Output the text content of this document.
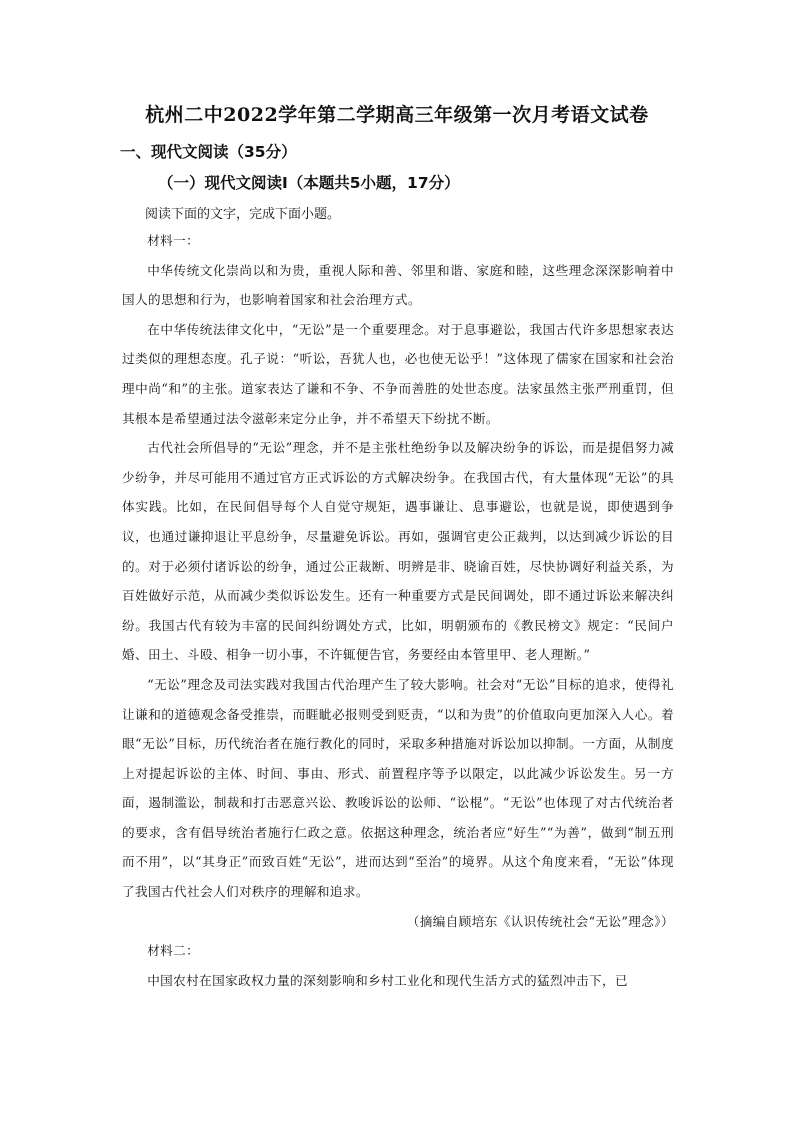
杭州二中2022学年第二学期高三年级第一次月考语文试卷
一、现代文阅读（35分）
（一）现代文阅读Ⅰ（本题共5小题，17分）

阅读下面的文字，完成下面小题。

材料一：

中华传统文化崇尚以和为贵，重视人际和善、邻里和谐、家庭和睦，这些理念深深影响着中国人的思想和行为，也影响着国家和社会治理方式。

在中华传统法律文化中，“无讼”是一个重要理念。对于息事避讼，我国古代许多思想家表达过类似的理想态度。孔子说：“听讼，吾犹人也，必也使无讼乎！”这体现了儒家在国家和社会治理中尚“和”的主张。道家表达了谦和不争、不争而善胜的处世态度。法家虽然主张严刑重罚，但其根本是希望通过法令滋彰来定分止争，并不希望天下纷扰不断。

古代社会所倡导的“无讼”理念，并不是主张杜绝纷争以及解决纷争的诉讼，而是提倡努力减少纷争，并尽可能用不通过官方正式诉讼的方式解决纷争。在我国古代，有大量体现“无讼”的具体实践。比如，在民间倡导每个人自觉守规矩，遇事谦让、息事避讼，也就是说，即使遇到争议，也通过谦抑退让平息纷争，尽量避免诉讼。再如，强调官吏公正裁判，以达到减少诉讼的目的。对于必须付诸诉讼的纷争，通过公正裁断、明辨是非、晓谕百姓，尽快协调好利益关系，为百姓做好示范，从而减少类似诉讼发生。还有一种重要方式是民间调处，即不通过诉讼来解决纠纷。我国古代有较为丰富的民间纠纷调处方式，比如，明朝颁布的《教民榜文》规定：“民间户婚、田土、斗殴、相争一切小事，不许辄便告官，务要经由本管里甲、老人理断。”

“无讼”理念及司法实践对我国古代治理产生了较大影响。社会对“无讼”目标的追求，使得礼让谦和的道德观念备受推崇，而睚眦必报则受到贬责，“以和为贵”的价值取向更加深入人心。着眼“无讼”目标，历代统治者在施行教化的同时，采取多种措施对诉讼加以抑制。一方面，从制度上对提起诉讼的主体、时间、事由、形式、前置程序等予以限定，以此减少诉讼发生。另一方面，遏制滥讼，制裁和打击恶意兴讼、教唆诉讼的讼师、“讼棍”。“无讼”也体现了对古代统治者的要求，含有倡导统治者施行仁政之意。依据这种理念，统治者应“好生”“为善”，做到“制五刑而不用”，以“其身正”而致百姓“无讼”，进而达到“至治”的境界。从这个角度来看，“无讼”体现了我国古代社会人们对秩序的理解和追求。

（摘编自顾培东《认识传统社会“无讼”理念》）

材料二：

中国农村在国家政权力量的深刻影响和乡村工业化和现代生活方式的猛烈冲击下，已
